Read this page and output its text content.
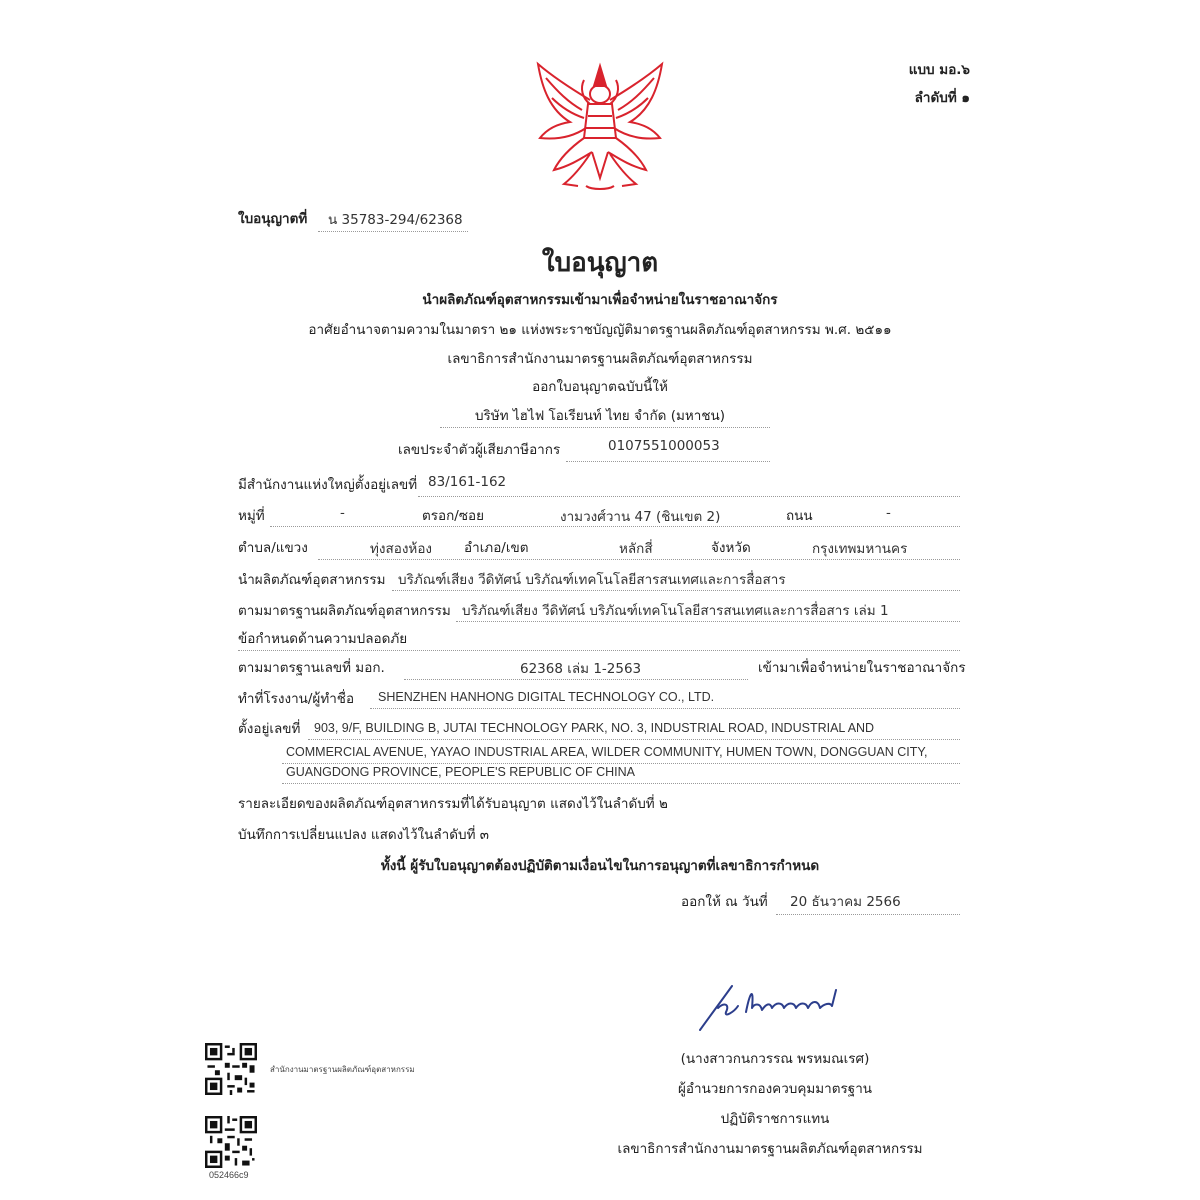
แบบ มอ.๖
ลำดับที่ ๑
ใบอนุญาตที่ น 35783-294/62368
ใบอนุญาต
นำผลิตภัณฑ์อุตสาหกรรมเข้ามาเพื่อจำหน่ายในราชอาณาจักร
อาศัยอำนาจตามความในมาตรา ๒๑ แห่งพระราชบัญญัติมาตรฐานผลิตภัณฑ์อุตสาหกรรม พ.ศ. ๒๕๑๑
เลขาธิการสำนักงานมาตรฐานผลิตภัณฑ์อุตสาหกรรม
ออกใบอนุญาตฉบับนี้ให้
บริษัท ไฮไฟ โอเรียนท์ ไทย จำกัด (มหาชน)
เลขประจำตัวผู้เสียภาษีอากร	0107551000053
มีสำนักงานแห่งใหญ่ตั้งอยู่เลขที่ 83/161-162
หมู่ที่	-	ตรอก/ซอย	งามวงศ์วาน 47 (ชินเขต 2)	ถนน	-
ตำบล/แขวง	ทุ่งสองห้อง อำเภอ/เขต	หลักสี่	จังหวัด	กรุงเทพมหานคร
นำผลิตภัณฑ์อุตสาหกรรม บริภัณฑ์เสียง วีดิทัศน์ บริภัณฑ์เทคโนโลยีสารสนเทศและการสื่อสาร
ตามมาตรฐานผลิตภัณฑ์อุตสาหกรรม บริภัณฑ์เสียง วีดิทัศน์ บริภัณฑ์เทคโนโลยีสารสนเทศและการสื่อสาร เล่ม 1
ข้อกำหนดด้านความปลอดภัย
ตามมาตรฐานเลขที่ มอก.	62368 เล่ม 1-2563	เข้ามาเพื่อจำหน่ายในราชอาณาจักร
ทำที่โรงงาน/ผู้ทำชื่อ SHENZHEN HANHONG DIGITAL TECHNOLOGY CO., LTD.
ตั้งอยู่เลขที่ 903, 9/F, BUILDING B, JUTAI TECHNOLOGY PARK, NO. 3, INDUSTRIAL ROAD, INDUSTRIAL AND
COMMERCIAL AVENUE, YAYAO INDUSTRIAL AREA, WILDER COMMUNITY, HUMEN TOWN, DONGGUAN CITY,
GUANGDONG PROVINCE, PEOPLE'S REPUBLIC OF CHINA
รายละเอียดของผลิตภัณฑ์อุตสาหกรรมที่ได้รับอนุญาต แสดงไว้ในลำดับที่ ๒
บันทึกการเปลี่ยนแปลง แสดงไว้ในลำดับที่ ๓
ทั้งนี้ ผู้รับใบอนุญาตต้องปฏิบัติตามเงื่อนไขในการอนุญาตที่เลขาธิการกำหนด
ออกให้ ณ วันที่ 20 ธันวาคม 2566
(นางสาวกนกวรรณ พรหมณเรศ)
ผู้อำนวยการกองควบคุมมาตรฐาน
ปฏิบัติราชการแทน
เลขาธิการสำนักงานมาตรฐานผลิตภัณฑ์อุตสาหกรรม
สำนักงานมาตรฐานผลิตภัณฑ์อุตสาหกรรม
052466c9
